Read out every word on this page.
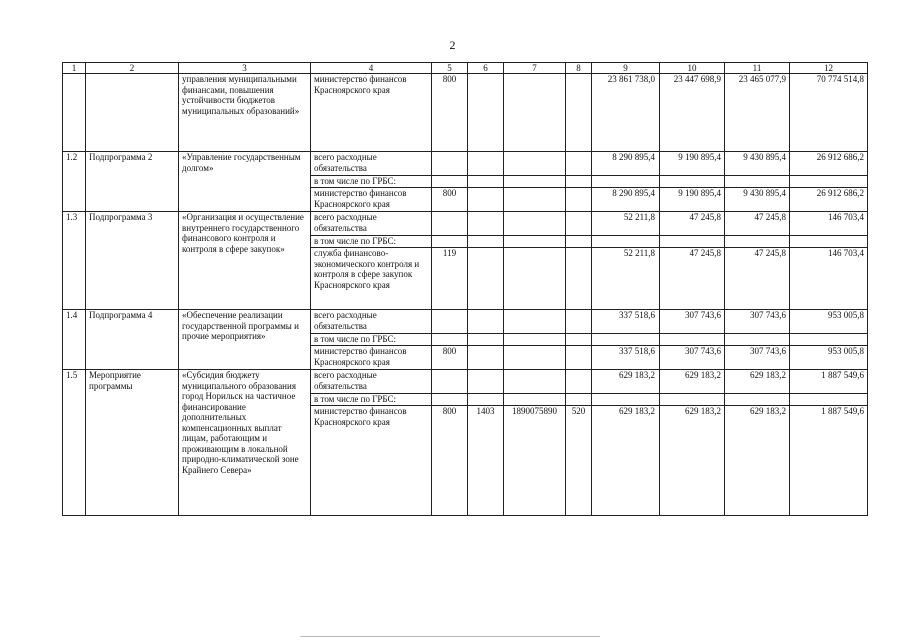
2
1	2	3	4	5	6	7	8	9	10	11	12
		управления муниципальными финансами, повышения устойчивости бюджетов муниципальных образований»	министерство финансов Красноярского края	800				23 861 738,0	23 447 698,9	23 465 077,9	70 774 514,8
1.2	Подпрограмма 2	«Управление государственным долгом»	всего расходные обязательства					8 290 895,4	9 190 895,4	9 430 895,4	26 912 686,2
			в том числе по ГРБС:								
			министерство финансов Красноярского края	800				8 290 895,4	9 190 895,4	9 430 895,4	26 912 686,2
1.3	Подпрограмма 3	«Организация и осуществление внутреннего государственного финансового контроля и контроля в сфере закупок»	всего расходные обязательства					52 211,8	47 245,8	47 245,8	146 703,4
			в том числе по ГРБС:								
			служба финансово-экономического контроля и контроля в сфере закупок Красноярского края	119				52 211,8	47 245,8	47 245,8	146 703,4
1.4	Подпрограмма 4	«Обеспечение реализации государственной программы и прочие мероприятия»	всего расходные обязательства					337 518,6	307 743,6	307 743,6	953 005,8
			в том числе по ГРБС:								
			министерство финансов Красноярского края	800				337 518,6	307 743,6	307 743,6	953 005,8
1.5	Мероприятие программы	«Субсидия бюджету муниципального образования город Норильск на частичное финансирование дополнительных компенсационных выплат лицам, работающим и проживающим в локальной природно-климатической зоне Крайнего Севера»	всего расходные обязательства					629 183,2	629 183,2	629 183,2	1 887 549,6
			в том числе по ГРБС:								
			министерство финансов Красноярского края	800	1403	1890075890	520	629 183,2	629 183,2	629 183,2	1 887 549,6
